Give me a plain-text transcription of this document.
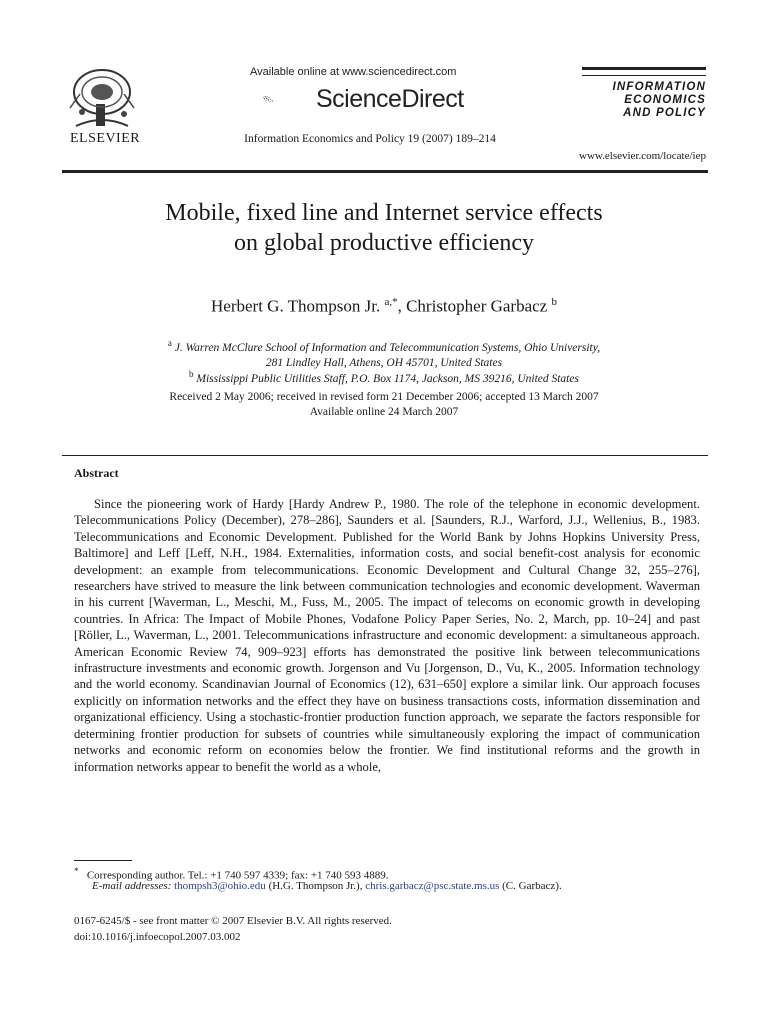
ELSEVIER
Available online at www.sciencedirect.com
ScienceDirect
Information Economics and Policy 19 (2007) 189–214
INFORMATION
ECONOMICS
AND POLICY
www.elsevier.com/locate/iep
Mobile, fixed line and Internet service effects
on global productive efficiency
Herbert G. Thompson Jr. $^{a,*}$, Christopher Garbacz $^b$
$^a$ J. Warren McClure School of Information and Telecommunication Systems, Ohio University,
281 Lindley Hall, Athens, OH 45701, United States
$^b$ Mississippi Public Utilities Staff, P.O. Box 1174, Jackson, MS 39216, United States
Received 2 May 2006; received in revised form 21 December 2006; accepted 13 March 2007
Available online 24 March 2007
Abstract

Since the pioneering work of Hardy [Hardy Andrew P., 1980. The role of the telephone in economic development. Telecommunications Policy (December), 278–286], Saunders et al. [Saunders, R.J., Warford, J.J., Wellenius, B., 1983. Telecommunications and Economic Development. Published for the World Bank by Johns Hopkins University Press, Baltimore] and Leff [Leff, N.H., 1984. Externalities, information costs, and social benefit-cost analysis for economic development: an example from telecommunications. Economic Development and Cultural Change 32, 255–276], researchers have strived to measure the link between communication technologies and economic development. Waverman in his current [Waverman, L., Meschi, M., Fuss, M., 2005. The impact of telecoms on economic growth in developing countries. In Africa: The Impact of Mobile Phones, Vodafone Policy Paper Series, No. 2, March, pp. 10–24] and past [Röller, L., Waverman, L., 2001. Telecommunications infrastructure and economic development: a simultaneous approach. American Economic Review 74, 909–923] efforts has demonstrated the positive link between telecommunications infrastructure investments and economic growth. Jorgenson and Vu [Jorgenson, D., Vu, K., 2005. Information technology and the world economy. Scandinavian Journal of Economics (12), 631–650] explore a similar link. Our approach focuses explicitly on information networks and the effect they have on business transactions costs, information dissemination and organizational efficiency. Using a stochastic-frontier production function approach, we separate the factors responsible for determining frontier production for subsets of countries while simultaneously exploring the impact of communication networks and economic reform on economies below the frontier. We find institutional reforms and the growth in information networks appear to benefit the world as a whole,

* Corresponding author. Tel.: +1 740 597 4339; fax: +1 740 593 4889.
E-mail addresses: thompsh3@ohio.edu (H.G. Thompson Jr.), chris.garbacz@psc.state.ms.us (C. Garbacz).
0167-6245/$ - see front matter © 2007 Elsevier B.V. All rights reserved.
doi:10.1016/j.infoecopol.2007.03.002
